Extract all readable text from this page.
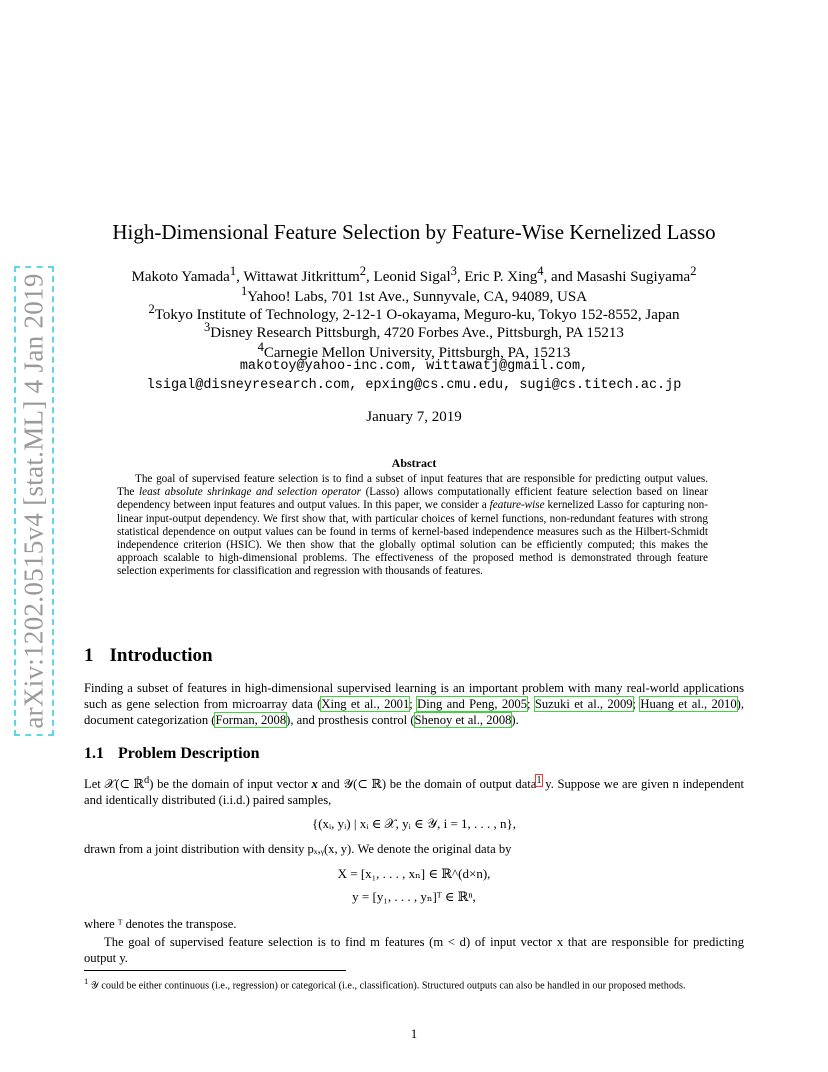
arXiv:1202.0515v4 [stat.ML] 4 Jan 2019
High-Dimensional Feature Selection by Feature-Wise Kernelized Lasso
Makoto Yamada$^1$, Wittawat Jitkrittum$^2$, Leonid Sigal$^3$, Eric P. Xing$^4$, and Masashi Sugiyama$^2$
$^1$Yahoo! Labs, 701 1st Ave., Sunnyvale, CA, 94089, USA
$^2$Tokyo Institute of Technology, 2-12-1 O-okayama, Meguro-ku, Tokyo 152-8552, Japan
$^3$Disney Research Pittsburgh, 4720 Forbes Ave., Pittsburgh, PA 15213
$^4$Carnegie Mellon University, Pittsburgh, PA, 15213
makotoy@yahoo-inc.com, wittawatj@gmail.com,
lsigal@disneyresearch.com, epxing@cs.cmu.edu, sugi@cs.titech.ac.jp
January 7, 2019
Abstract
The goal of supervised feature selection is to find a subset of input features that are responsible for predicting output values. The least absolute shrinkage and selection operator (Lasso) allows computationally efficient feature selection based on linear dependency between input features and output values. In this paper, we consider a feature-wise kernelized Lasso for capturing non-linear input-output dependency. We first show that, with particular choices of kernel functions, non-redundant features with strong statistical dependence on output values can be found in terms of kernel-based independence measures such as the Hilbert-Schmidt independence criterion (HSIC). We then show that the globally optimal solution can be efficiently computed; this makes the approach scalable to high-dimensional problems. The effectiveness of the proposed method is demonstrated through feature selection experiments for classification and regression with thousands of features.
1 Introduction
Finding a subset of features in high-dimensional supervised learning is an important problem with many real-world applications such as gene selection from microarray data (Xing et al., 2001; Ding and Peng, 2005; Suzuki et al., 2009; Huang et al., 2010), document categorization (Forman, 2008), and prosthesis control (Shenoy et al., 2008).
1.1 Problem Description
Let 𝒳(⊂ ℝ$^d$) be the domain of input vector x and 𝒴(⊂ ℝ) be the domain of output data$^1$ y. Suppose we are given n independent and identically distributed (i.i.d.) paired samples,
{(xᵢ, yᵢ) | xᵢ ∈ 𝒳, yᵢ ∈ 𝒴, i = 1, . . . , n},
drawn from a joint distribution with density pₓ,ᵧ(x, y). We denote the original data by
X = [x₁, . . . , xₙ] ∈ ℝ^(d×n),
y = [y₁, . . . , yₙ]ᵀ ∈ ℝⁿ,
where ᵀ denotes the transpose.
The goal of supervised feature selection is to find m features (m < d) of input vector x that are responsible for predicting output y.
$^1$ 𝒴 could be either continuous (i.e., regression) or categorical (i.e., classification). Structured outputs can also be handled in our proposed methods.
1
